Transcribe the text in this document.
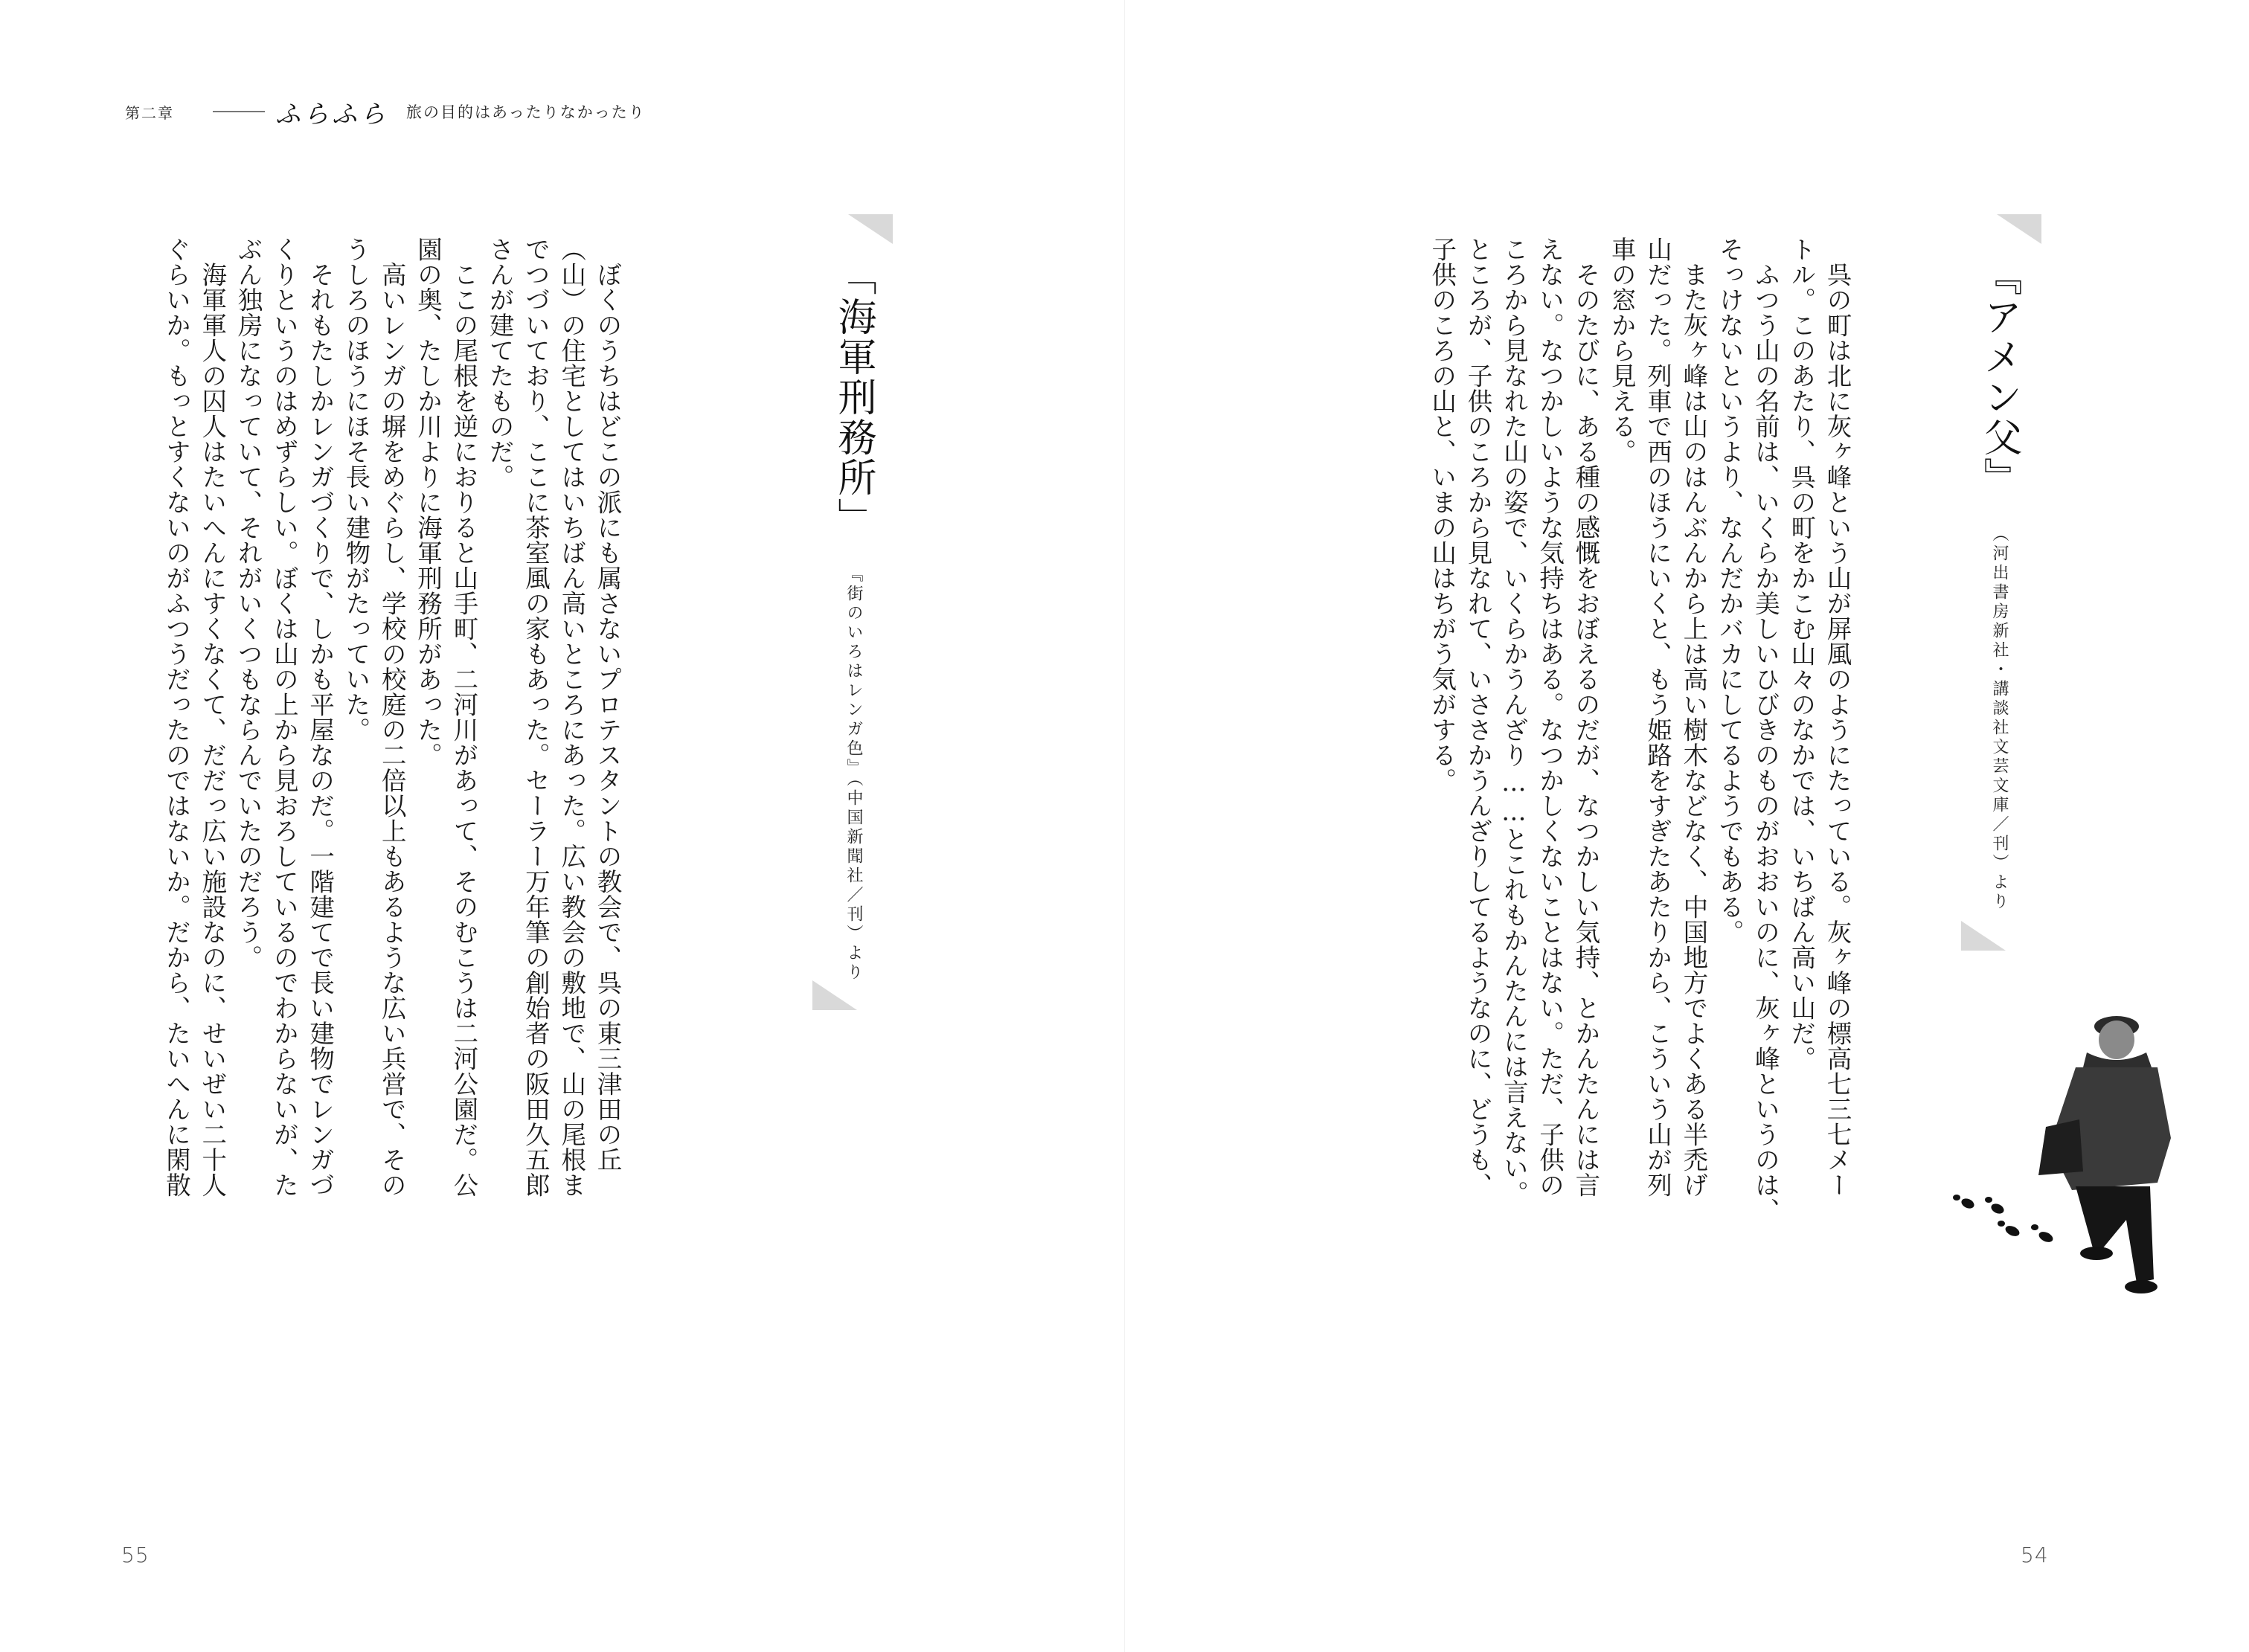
第二章	ふらふら 旅の目的はあったりなかったり
『アメン父』（河出書房新社・講談社文芸文庫／刊）より
　呉の町は北に灰ヶ峰という山が屏風のようにたっている。灰ヶ峰の標高七三七メー
トル。このあたり、呉の町をかこむ山々のなかでは、いちばん高い山だ。
　ふつう山の名前は、いくらか美しいひびきのものがおおいのに、灰ヶ峰というのは、
そっけないというより、なんだかバカにしてるようでもある。
　また灰ヶ峰は山のはんぶんから上は高い樹木などなく、中国地方でよくある半禿げ
山だった。列車で西のほうにいくと、もう姫路をすぎたあたりから、こういう山が列
車の窓から見える。
　そのたびに、ある種の感慨をおぼえるのだが、なつかしい気持、とかんたんには言
えない。なつかしいような気持ちはある。なつかしくないことはない。ただ、子供の
ころから見なれた山の姿で、いくらかうんざり……とこれもかんたんには言えない。
ところが、子供のころから見なれて、いささかうんざりしてるようなのに、どうも、
子供のころの山と、いまの山はちがう気がする。
54
「海軍刑務所」『街のいろはレンガ色』（中国新聞社／刊）より
　ぼくのうちはどこの派にも属さないプロテスタントの教会で、呉の東三津田の丘
（山）の住宅としてはいちばん高いところにあった。広い教会の敷地で、山の尾根ま
でつづいており、ここに茶室風の家もあった。セーラー万年筆の創始者の阪田久五郎
さんが建てたものだ。
　ここの尾根を逆におりると山手町、二河川があって、そのむこうは二河公園だ。公
園の奥、たしか川よりに海軍刑務所があった。
　高いレンガの塀をめぐらし、学校の校庭の二倍以上もあるような広い兵営で、その
うしろのほうにほそ長い建物がたっていた。
　それもたしかレンガづくりで、しかも平屋なのだ。一階建てで長い建物でレンガづ
くりというのはめずらしい。ぼくは山の上から見おろしているのでわからないが、た
ぶん独房になっていて、それがいくつもならんでいたのだろう。
　海軍軍人の囚人はたいへんにすくなくて、だだっ広い施設なのに、せいぜい二十人
ぐらいか。もっとすくないのがふつうだったのではないか。だから、たいへんに閑散
55
